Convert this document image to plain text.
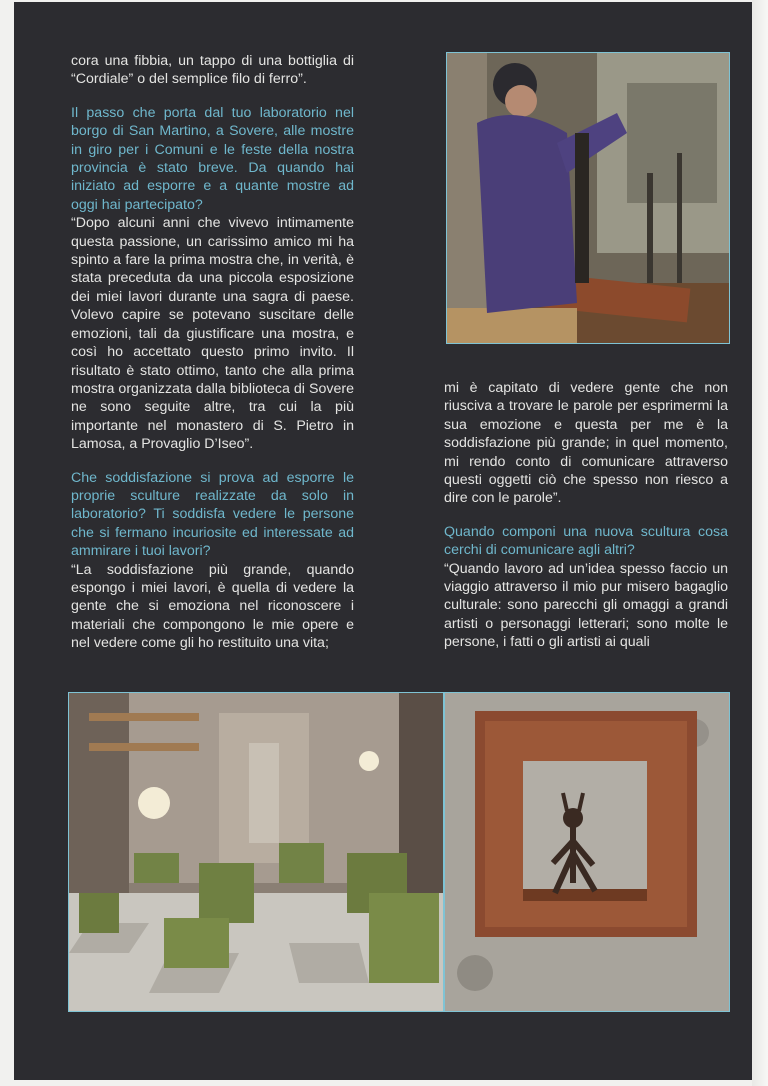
cora una fibbia, un tappo di una bottiglia di “Cordiale” o del semplice filo di ferro”.

Il passo che porta dal tuo laboratorio nel borgo di San Martino, a Sovere, alle mostre in giro per i Comuni e le feste della nostra provincia è stato breve. Da quando hai iniziato ad esporre e a quante mostre ad oggi hai partecipato?

“Dopo alcuni anni che vivevo intimamente questa passione, un carissimo amico mi ha spinto a fare la prima mostra che, in verità, è stata preceduta da una piccola esposizione dei miei lavori durante una sagra di paese. Volevo capire se potevano suscitare delle emozioni, tali da giustificare una mostra, e così ho accettato questo primo invito. Il risultato è stato ottimo, tanto che alla prima mostra organizzata dalla biblioteca di Sovere ne sono seguite altre, tra cui la più importante nel monastero di S. Pietro in Lamosa, a Provaglio D’Iseo”.

Che soddisfazione si prova ad esporre le proprie sculture realizzate da solo in laboratorio? Ti soddisfa vedere le persone che si fermano incuriosite ed interessate ad ammirare i tuoi lavori?

“La soddisfazione più grande, quando espongo i miei lavori, è quella di vedere la gente che si emoziona nel riconoscere i materiali che compongono le mie opere e nel vedere come gli ho restituito una vita;

mi è capitato di vedere gente che non riusciva a trovare le parole per esprimermi la sua emozione e questa per me è la soddisfazione più grande; in quel momento, mi rendo conto di comunicare attraverso questi oggetti ciò che spesso non riesco a dire con le parole”.

Quando componi una nuova scultura cosa cerchi di comunicare agli altri?

“Quando lavoro ad un’idea spesso faccio un viaggio attraverso il mio pur misero bagaglio culturale: sono parecchi gli omaggi a grandi artisti o personaggi letterari; sono molte le persone, i fatti o gli artisti ai quali
